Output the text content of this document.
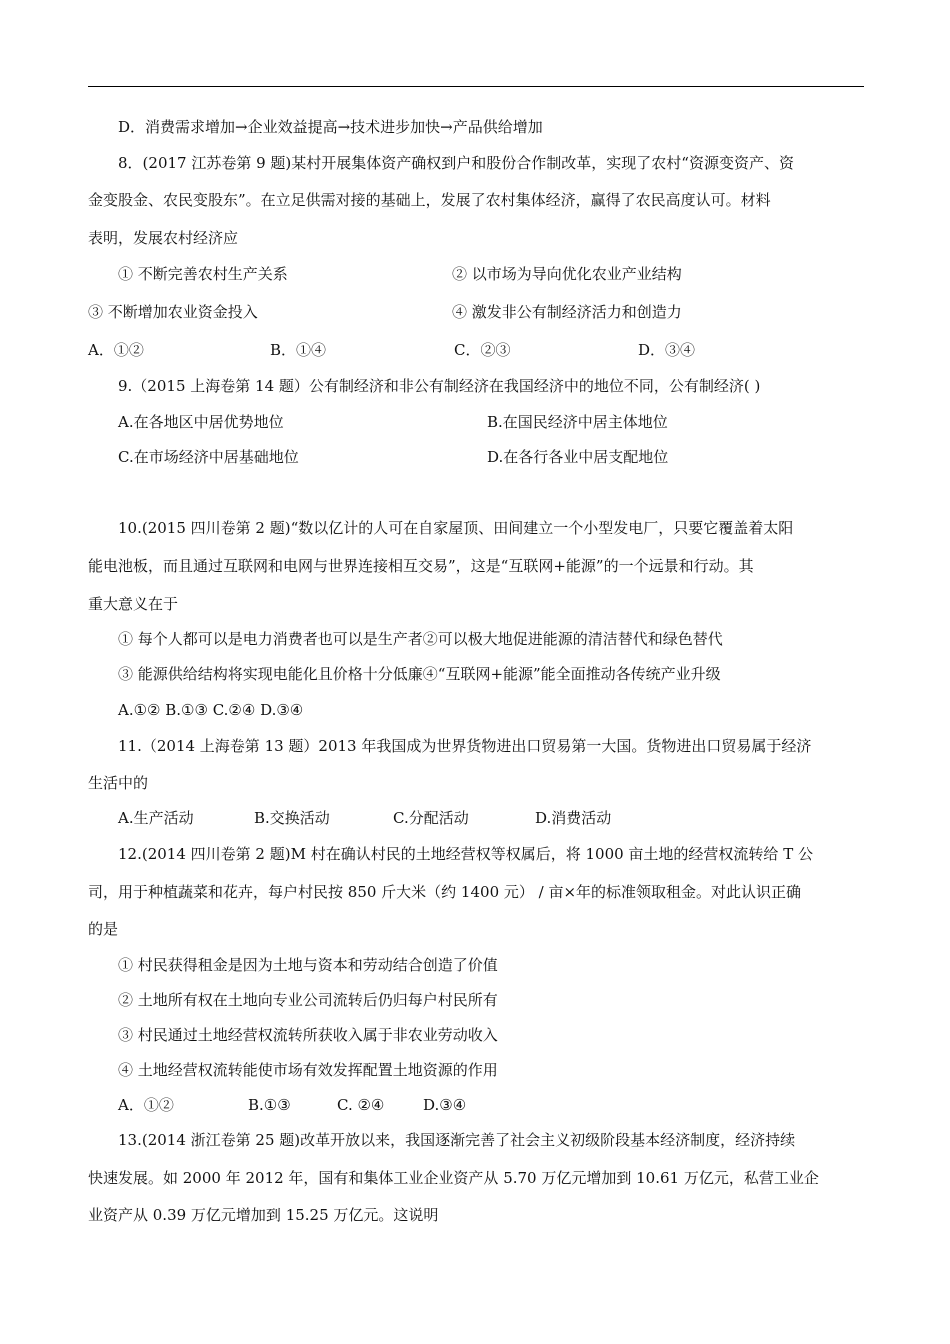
D．消费需求增加→企业效益提高→技术进步加快→产品供给增加
8．(2017 江苏卷第 9 题)某村开展集体资产确权到户和股份合作制改革，实现了农村“资源变资产、资
金变股金、农民变股东”。在立足供需对接的基础上，发展了农村集体经济，赢得了农民高度认可。材料
表明，发展农村经济应
① 不断完善农村生产关系	② 以市场为导向优化农业产业结构
③ 不断增加农业资金投入	④ 激发非公有制经济活力和创造力
A．①②	B．①④	C．②③	D．③④
9.（2015 上海卷第 14 题）公有制经济和非公有制经济在我国经济中的地位不同，公有制经济( )
A.在各地区中居优势地位	B.在国民经济中居主体地位
C.在市场经济中居基础地位	D.在各行各业中居支配地位
10.(2015 四川卷第 2 题)“数以亿计的人可在自家屋顶、田间建立一个小型发电厂，只要它覆盖着太阳
能电池板，而且通过互联网和电网与世界连接相互交易”，这是“互联网+能源”的一个远景和行动。其
重大意义在于
① 每个人都可以是电力消费者也可以是生产者②可以极大地促进能源的清洁替代和绿色替代
③ 能源供给结构将实现电能化且价格十分低廉④“互联网+能源”能全面推动各传统产业升级
A.①② B.①③ C.②④ D.③④
11.（2014 上海卷第 13 题）2013 年我国成为世界货物进出口贸易第一大国。货物进出口贸易属于经济
生活中的
A.生产活动	B.交换活动	C.分配活动	D.消费活动
12.(2014 四川卷第 2 题)M 村在确认村民的土地经营权等权属后，将 1000 亩土地的经营权流转给 T 公
司，用于种植蔬菜和花卉，每户村民按 850 斤大米（约 1400 元） / 亩×年的标准领取租金。对此认识正确
的是
① 村民获得租金是因为土地与资本和劳动结合创造了价值
② 土地所有权在土地向专业公司流转后仍归每户村民所有
③ 村民通过土地经营权流转所获收入属于非农业劳动收入
④ 土地经营权流转能使市场有效发挥配置土地资源的作用
A．①②	B.①③	C. ②④	D.③④
13.(2014 浙江卷第 25 题)改革开放以来，我国逐渐完善了社会主义初级阶段基本经济制度，经济持续
快速发展。如 2000 年 2012 年，国有和集体工业企业资产从 5.70 万亿元增加到 10.61 万亿元，私营工业企
业资产从 0.39 万亿元增加到 15.25 万亿元。这说明
